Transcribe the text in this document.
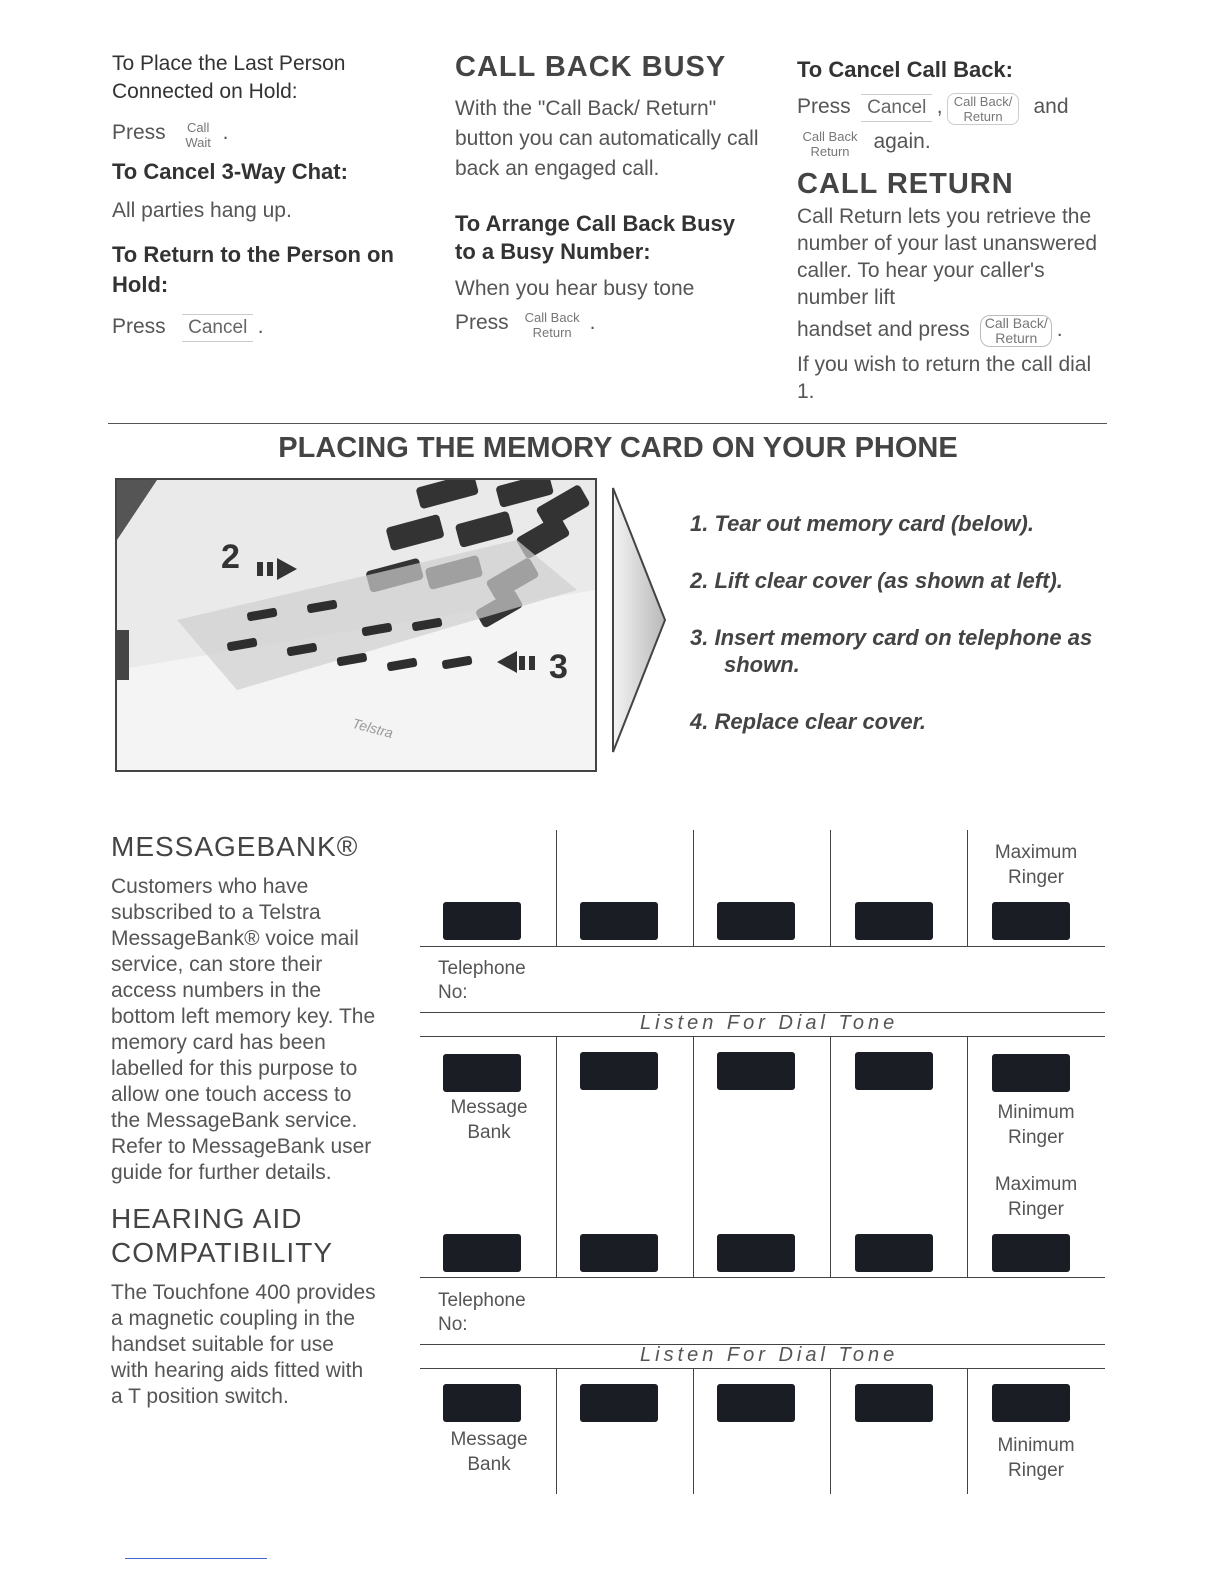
To Place the Last Person Connected on Hold:
Press Call Wait .
To Cancel 3-Way Chat:
All parties hang up.
To Return to the Person on Hold:
Press Cancel .
CALL BACK BUSY
With the "Call Back/ Return" button you can automatically call back an engaged call.
To Arrange Call Back Busy to a Busy Number:
When you hear busy tone
Press Call Back Return .
To Cancel Call Back:
Press Cancel , Call Back/ Return and
Call Back Return again.
CALL RETURN
Call Return lets you retrieve the number of your last unanswered caller. To hear your caller's number lift
handset and press Call Back/ Return .
If you wish to return the call dial 1.
PLACING THE MEMORY CARD ON YOUR PHONE
2
3
Telstra
1. Tear out memory card (below).
2. Lift clear cover (as shown at left).
3. Insert memory card on telephone as shown.
4. Replace clear cover.
MESSAGEBANK®
Customers who have subscribed to a Telstra MessageBank® voice mail service, can store their access numbers in the bottom left memory key. The memory card has been labelled for this purpose to allow one touch access to the MessageBank service. Refer to MessageBank user guide for further details.
HEARING AID COMPATIBILITY
The Touchfone 400 provides a magnetic coupling in the handset suitable for use with hearing aids fitted with a T position switch.
Maximum Ringer
Telephone
No:
Listen For Dial Tone
Message
Bank
Minimum Ringer
Maximum Ringer
Telephone
No:
Listen For Dial Tone
Message
Bank
Minimum Ringer
